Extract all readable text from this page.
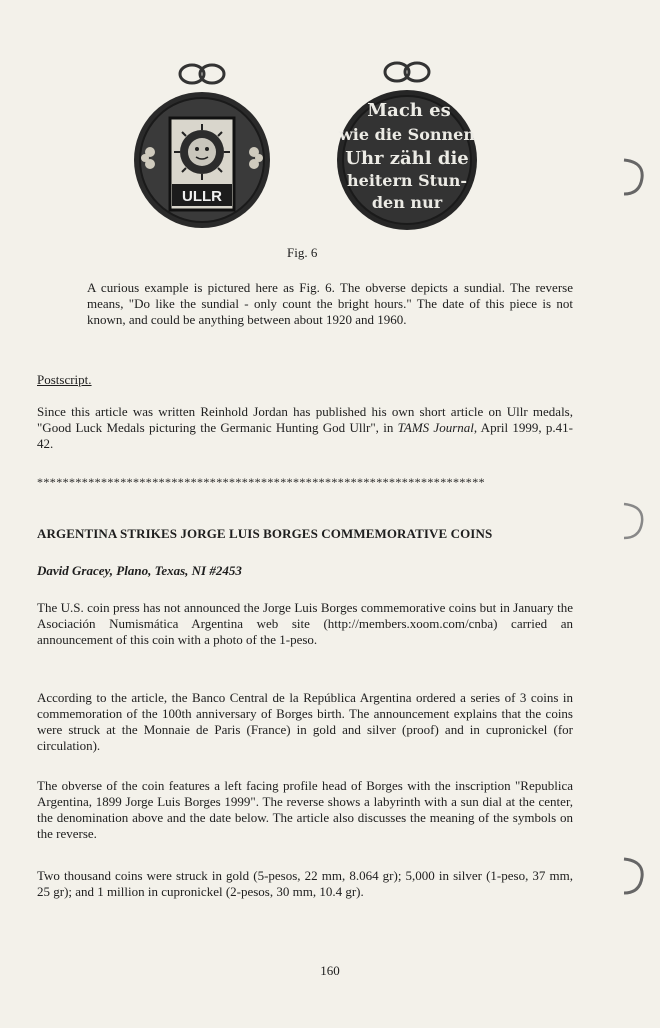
ULLR
Mach es
wie die Sonnen
Uhr zähl die
heitern Stun-
den nur
Fig. 6

A curious example is pictured here as Fig. 6. The obverse depicts a sundial. The reverse means, "Do like the sundial - only count the bright hours." The date of this piece is not known, and could be anything between about 1920 and 1960.

Postscript.

Since this article was written Reinhold Jordan has published his own short article on Ullr medals, "Good Luck Medals picturing the Germanic Hunting God Ullr", in TAMS Journal, April 1999, p.41-42.

**********************************************************************

ARGENTINA STRIKES JORGE LUIS BORGES COMMEMORATIVE COINS

David Gracey, Plano, Texas, NI #2453

The U.S. coin press has not announced the Jorge Luis Borges commemorative coins but in January the Asociación Numismática Argentina web site (http://members.xoom.com/cnba) carried an announcement of this coin with a photo of the 1-peso.

According to the article, the Banco Central de la República Argentina ordered a series of 3 coins in commemoration of the 100th anniversary of Borges birth. The announcement explains that the coins were struck at the Monnaie de Paris (France) in gold and silver (proof) and in cupronickel (for circulation).

The obverse of the coin features a left facing profile head of Borges with the inscription "Republica Argentina, 1899 Jorge Luis Borges 1999". The reverse shows a labyrinth with a sun dial at the center, the denomination above and the date below. The article also discusses the meaning of the symbols on the reverse.

Two thousand coins were struck in gold (5-pesos, 22 mm, 8.064 gr); 5,000 in silver (1-peso, 37 mm, 25 gr); and 1 million in cupronickel (2-pesos, 30 mm, 10.4 gr).

160
